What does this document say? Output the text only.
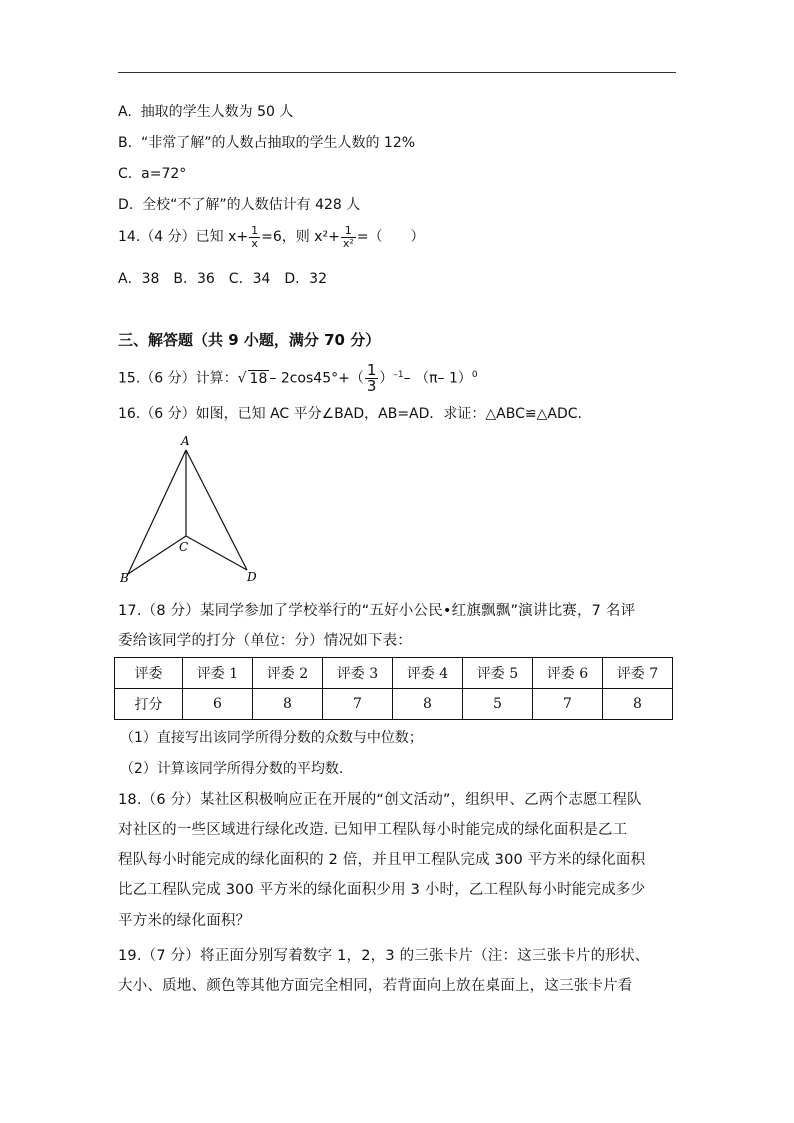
A. 抽取的学生人数为 50 人
B. “非常了解”的人数占抽取的学生人数的 12%
C. a=72°
D. 全校“不了解”的人数估计有 428 人
14.（4 分）已知 $x+ \frac{1}{x} =6$，则 $x^2+ \frac{1}{\text{x²}}$ =（　　）
A．38　B．36　C．34　D．32
三、解答题（共 9 小题，满分 70 分）
15.（6 分）计算：√ $18 - 2\cos 45^\circ+( \frac{1}{3} )^{-1}-$ （π– 1）$^0$
16.（6 分）如图，已知 AC 平分∠BAD，AB=AD．求证：△ABC≌△ADC.
A
B
C
D
17.（8 分）某同学参加了学校举行的“五好小公民•红旗飘飘”演讲比赛，7 名评
委给该同学的打分（单位：分）情况如下表：
评委	评委 1	评委 2	评委 3	评委 4	评委 5	评委 6	评委 7
打分	6	8	7	8	5	7	8
（1）直接写出该同学所得分数的众数与中位数；
（2）计算该同学所得分数的平均数.
18.（6 分）某社区积极响应正在开展的“创文活动”，组织甲、乙两个志愿工程队
对社区的一些区域进行绿化改造. 已知甲工程队每小时能完成的绿化面积是乙工
程队每小时能完成的绿化面积的 2 倍，并且甲工程队完成 300 平方米的绿化面积
比乙工程队完成 300 平方米的绿化面积少用 3 小时，乙工程队每小时能完成多少
平方米的绿化面积？
19.（7 分）将正面分别写着数字 1，2，3 的三张卡片（注：这三张卡片的形状、
大小、质地、颜色等其他方面完全相同，若背面向上放在桌面上，这三张卡片看
